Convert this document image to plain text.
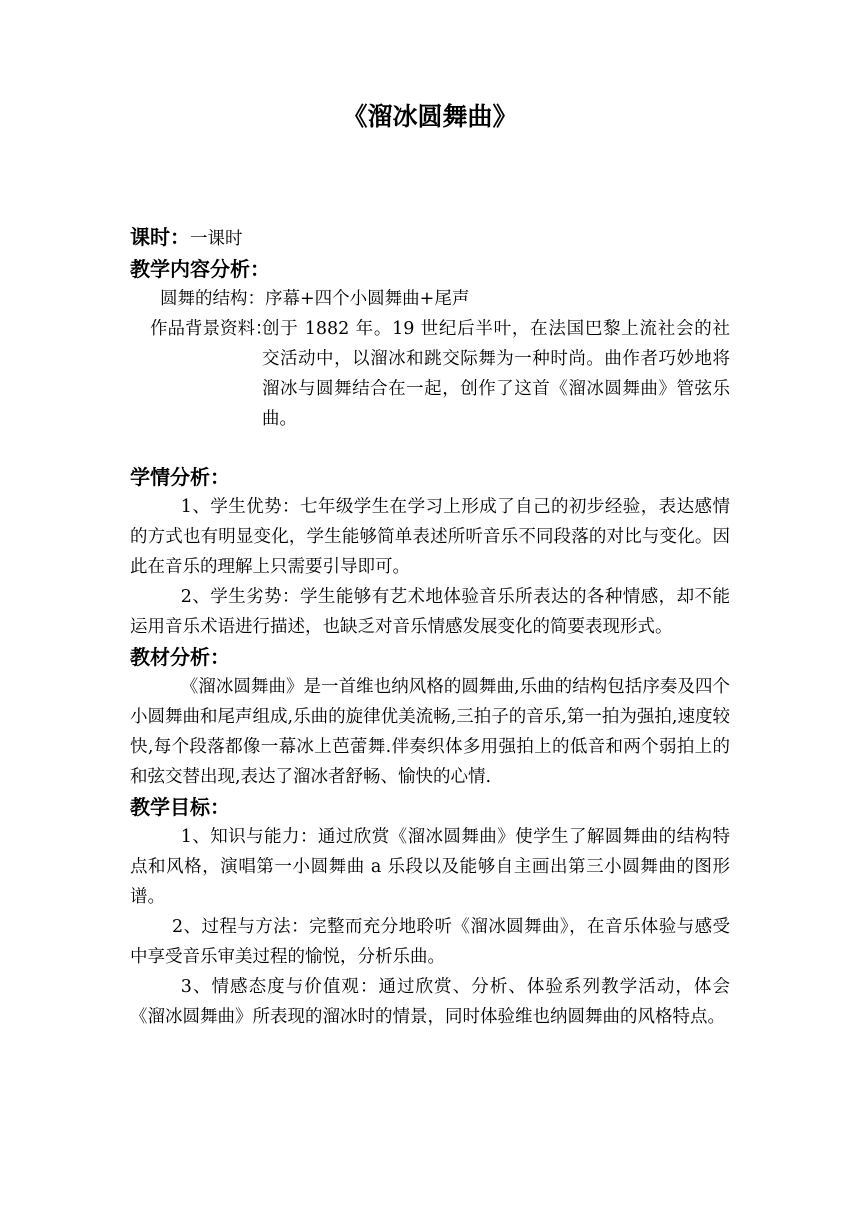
《溜冰圆舞曲》

课时：一课时

教学内容分析：

圆舞的结构：序幕+四个小圆舞曲+尾声

作品背景资料：
创于 1882 年。19 世纪后半叶，在法国巴黎上流社会的社交活动中，以溜冰和跳交际舞为一种时尚。曲作者巧妙地将溜冰与圆舞结合在一起，创作了这首《溜冰圆舞曲》管弦乐曲。

学情分析：

1、学生优势：七年级学生在学习上形成了自己的初步经验，表达感情的方式也有明显变化，学生能够简单表述所听音乐不同段落的对比与变化。因此在音乐的理解上只需要引导即可。

2、学生劣势：学生能够有艺术地体验音乐所表达的各种情感，却不能运用音乐术语进行描述，也缺乏对音乐情感发展变化的简要表现形式。

教材分析：

《溜冰圆舞曲》是一首维也纳风格的圆舞曲,乐曲的结构包括序奏及四个小圆舞曲和尾声组成,乐曲的旋律优美流畅,三拍子的音乐,第一拍为强拍,速度较快,每个段落都像一幕冰上芭蕾舞.伴奏织体多用强拍上的低音和两个弱拍上的和弦交替出现,表达了溜冰者舒畅、愉快的心情.

教学目标：

1、知识与能力：通过欣赏《溜冰圆舞曲》使学生了解圆舞曲的结构特点和风格，演唱第一小圆舞曲 a 乐段以及能够自主画出第三小圆舞曲的图形谱。

2、过程与方法：完整而充分地聆听《溜冰圆舞曲》，在音乐体验与感受中享受音乐审美过程的愉悦，分析乐曲。

3、情感态度与价值观：通过欣赏、分析、体验系列教学活动，体会《溜冰圆舞曲》所表现的溜冰时的情景，同时体验维也纳圆舞曲的风格特点。
